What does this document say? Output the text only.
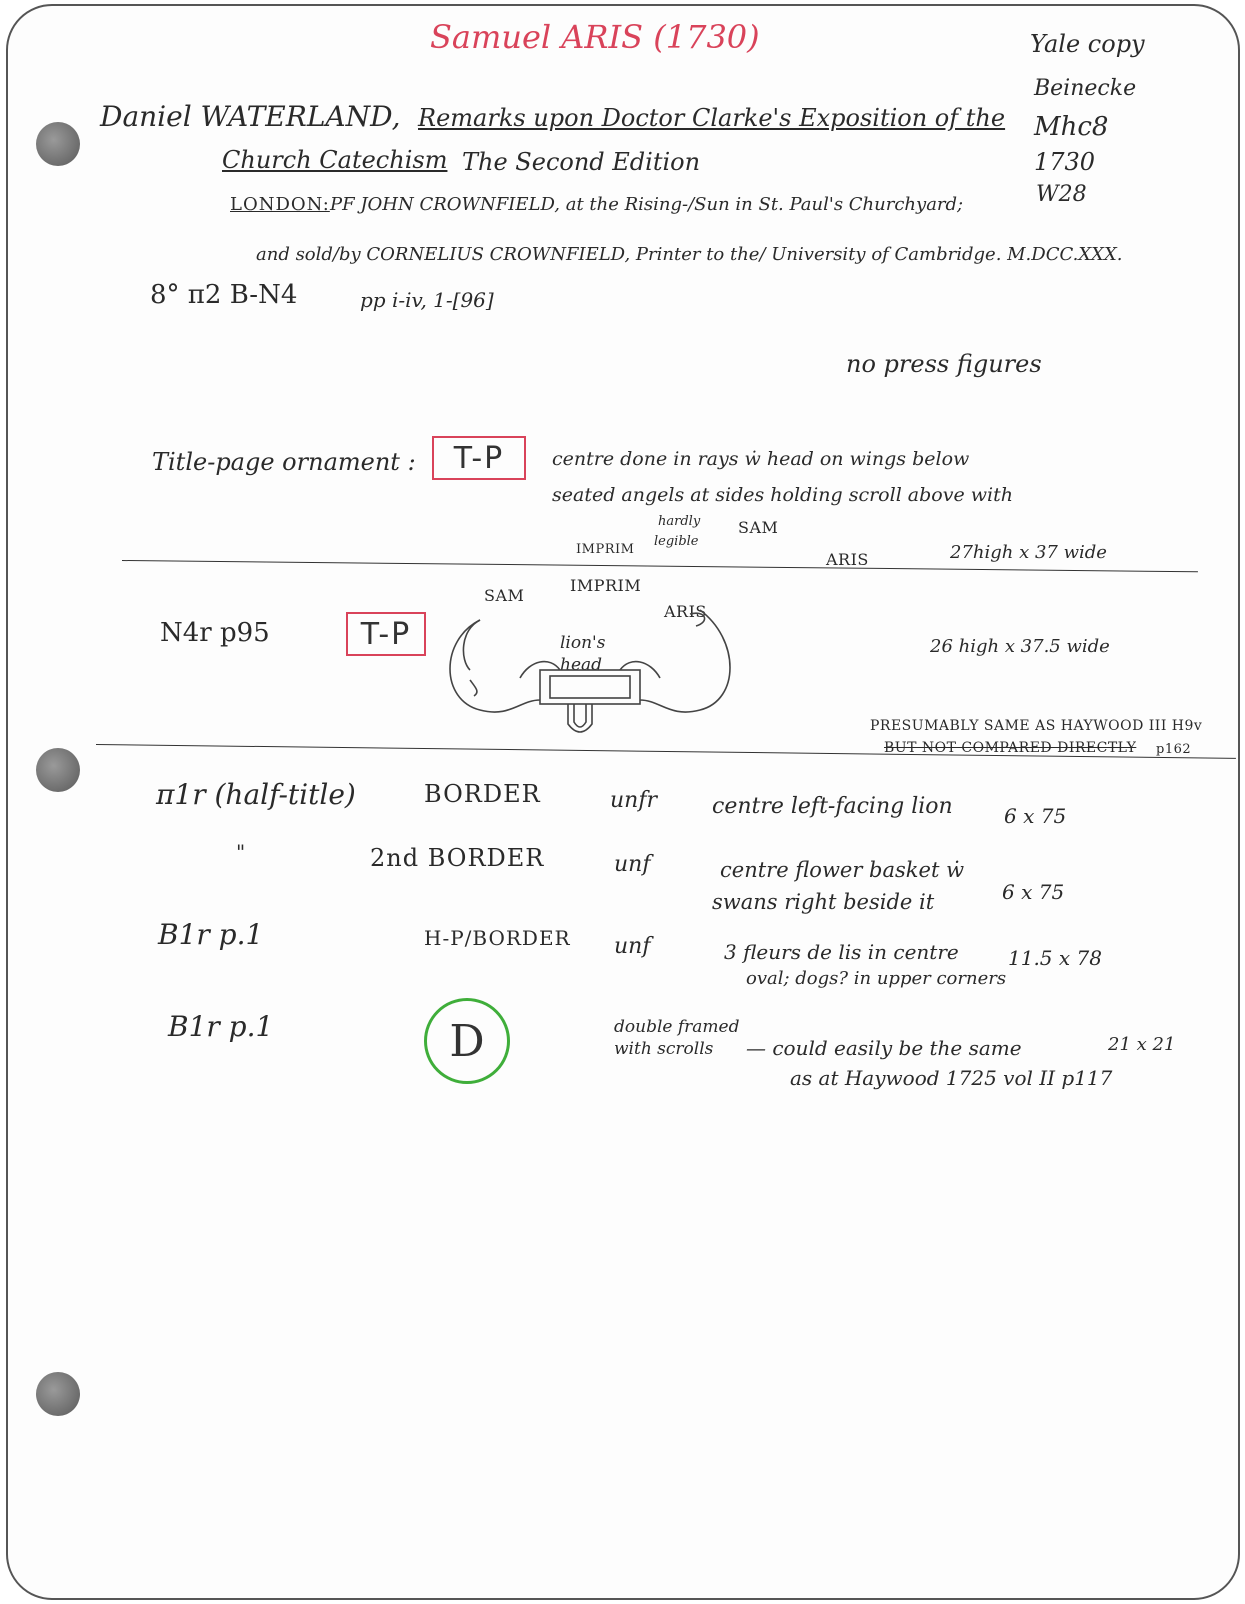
Samuel ARIS (1730)	Yale copy
Beinecke
Mhc8
1730
W28
Daniel WATERLAND, Remarks upon Doctor Clarke's Exposition of the
Church Catechism The Second Edition
LONDON: PF JOHN CROWNFIELD, at the Rising-/Sun in St. Paul's Churchyard;
and sold/by CORNELIUS CROWNFIELD, Printer to the/ University of Cambridge. M.DCC.XXX.
8° π2 B-N4	pp i-iv, 1-[96]
no press figures
Title-page ornament :	T-P	centre done in rays ẇ head on wings below
seated angels at sides holding scroll above with
hardly
legible
IMPRIM
SAM
ARIS	27high x 37 wide
N4r p95	T-P
SAM
IMPRIM
ARIS
lion's head
26 high x 37.5 wide
PRESUMABLY SAME AS HAYWOOD III H9v
BUT NOT COMPARED DIRECTLY p162
π1r (half-title)	BORDER	unfr	centre left-facing lion	6 x 75
"	2nd BORDER	unf	centre flower basket ẇ
swans right beside it	6 x 75
B1r p.1	H-P/BORDER unf	3 fleurs de lis in centre
oval; dogs? in upper corners
11.5 x 78
B1r p.1	D	double framed
with scrolls	— could easily be the same
as at Haywood 1725 vol II p117
21 x 21
